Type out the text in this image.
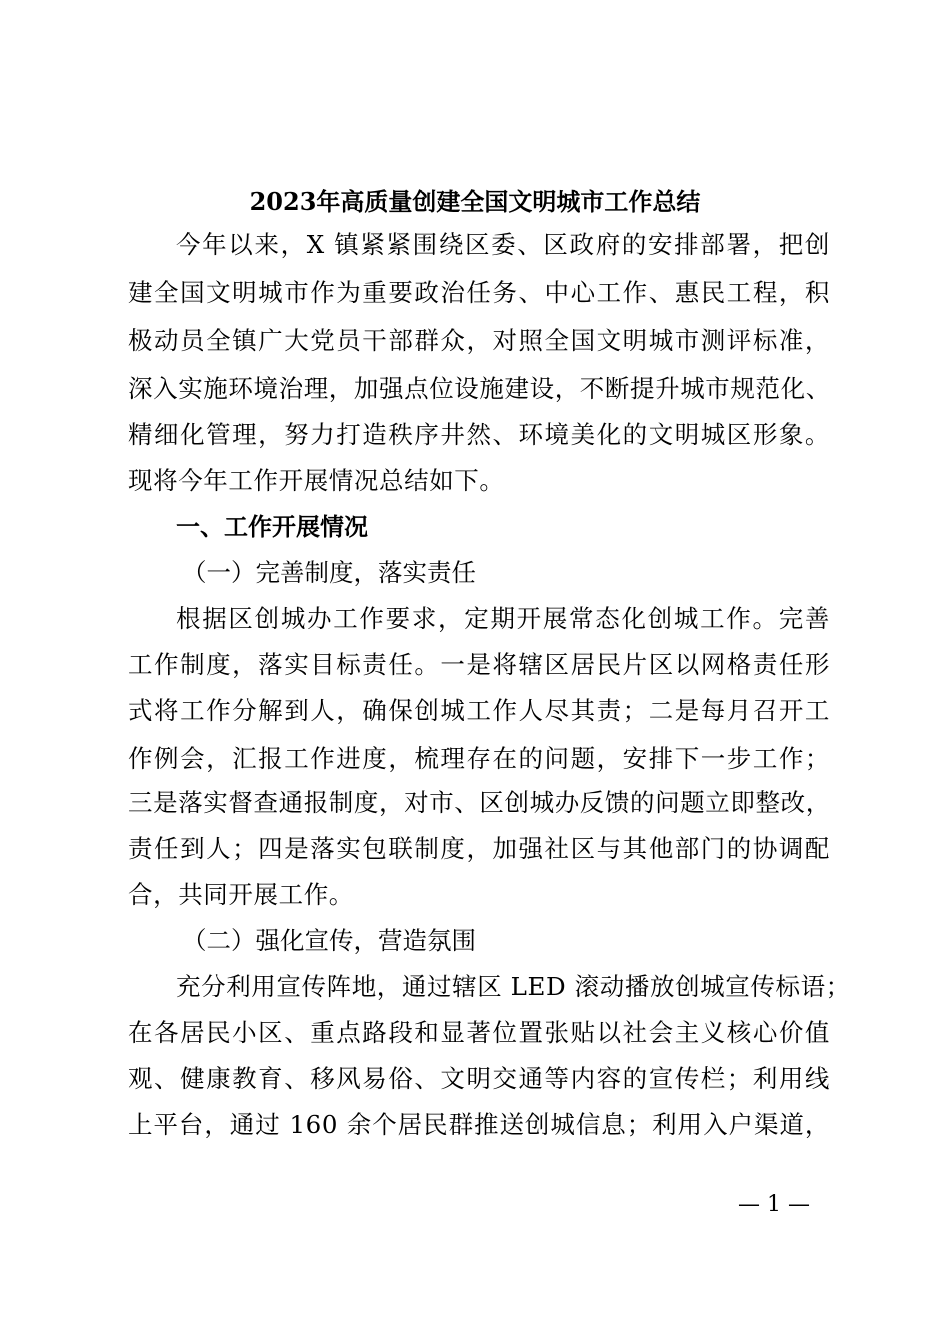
2023年高质量创建全国文明城市工作总结
今年以来，X 镇紧紧围绕区委、区政府的安排部署，把创
建全国文明城市作为重要政治任务、中心工作、惠民工程，积
极动员全镇广大党员干部群众，对照全国文明城市测评标准，
深入实施环境治理，加强点位设施建设，不断提升城市规范化、
精细化管理，努力打造秩序井然、环境美化的文明城区形象。
现将今年工作开展情况总结如下。
一、工作开展情况
（一）完善制度，落实责任
根据区创城办工作要求，定期开展常态化创城工作。完善
工作制度，落实目标责任。一是将辖区居民片区以网格责任形
式将工作分解到人，确保创城工作人尽其责；二是每月召开工
作例会，汇报工作进度，梳理存在的问题，安排下一步工作；
三是落实督查通报制度，对市、区创城办反馈的问题立即整改，
责任到人；四是落实包联制度，加强社区与其他部门的协调配
合，共同开展工作。
（二）强化宣传，营造氛围
充分利用宣传阵地，通过辖区 LED 滚动播放创城宣传标语；
在各居民小区、重点路段和显著位置张贴以社会主义核心价值
观、健康教育、移风易俗、文明交通等内容的宣传栏；利用线
上平台，通过 160 余个居民群推送创城信息；利用入户渠道，
— 1 —
